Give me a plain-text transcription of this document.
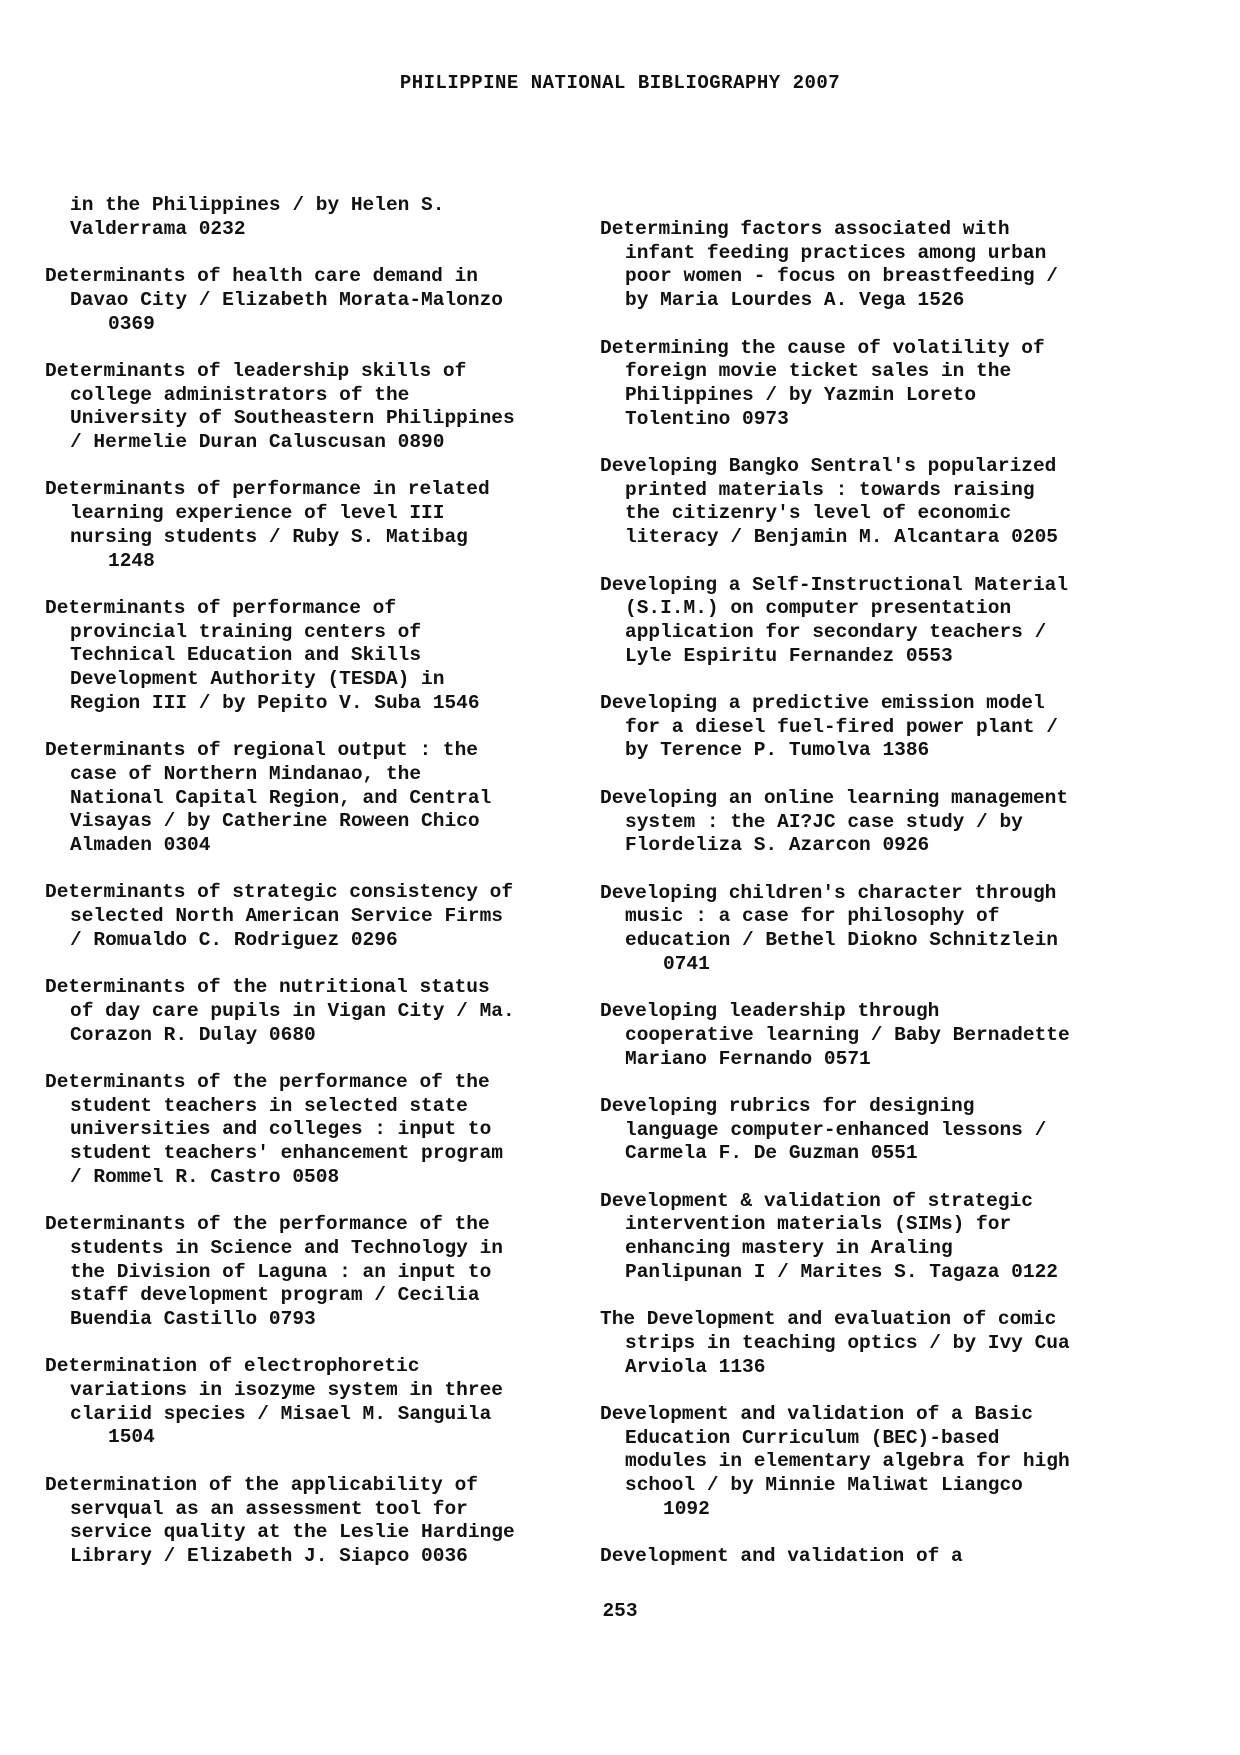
PHILIPPINE NATIONAL BIBLIOGRAPHY 2007
in the Philippines / by Helen S.
Valderrama 0232
Determinants of health care demand in
Davao City / Elizabeth Morata-Malonzo
0369
Determinants of leadership skills of
college administrators of the
University of Southeastern Philippines
/ Hermelie Duran Caluscusan 0890
Determinants of performance in related
learning experience of level III
nursing students / Ruby S. Matibag
1248
Determinants of performance of
provincial training centers of
Technical Education and Skills
Development Authority (TESDA) in
Region III / by Pepito V. Suba 1546
Determinants of regional output : the
case of Northern Mindanao, the
National Capital Region, and Central
Visayas / by Catherine Roween Chico
Almaden 0304
Determinants of strategic consistency of
selected North American Service Firms
/ Romualdo C. Rodriguez 0296
Determinants of the nutritional status
of day care pupils in Vigan City / Ma.
Corazon R. Dulay 0680
Determinants of the performance of the
student teachers in selected state
universities and colleges : input to
student teachers' enhancement program
/ Rommel R. Castro 0508
Determinants of the performance of the
students in Science and Technology in
the Division of Laguna : an input to
staff development program / Cecilia
Buendia Castillo 0793
Determination of electrophoretic
variations in isozyme system in three
clariid species / Misael M. Sanguila
1504
Determination of the applicability of
servqual as an assessment tool for
service quality at the Leslie Hardinge
Library / Elizabeth J. Siapco 0036
Determining factors associated with
infant feeding practices among urban
poor women - focus on breastfeeding /
by Maria Lourdes A. Vega 1526
Determining the cause of volatility of
foreign movie ticket sales in the
Philippines / by Yazmin Loreto
Tolentino 0973
Developing Bangko Sentral's popularized
printed materials : towards raising
the citizenry's level of economic
literacy / Benjamin M. Alcantara 0205
Developing a Self-Instructional Material
(S.I.M.) on computer presentation
application for secondary teachers /
Lyle Espiritu Fernandez 0553
Developing a predictive emission model
for a diesel fuel-fired power plant /
by Terence P. Tumolva 1386
Developing an online learning management
system : the AI?JC case study / by
Flordeliza S. Azarcon 0926
Developing children's character through
music : a case for philosophy of
education / Bethel Diokno Schnitzlein
0741
Developing leadership through
cooperative learning / Baby Bernadette
Mariano Fernando 0571
Developing rubrics for designing
language computer-enhanced lessons /
Carmela F. De Guzman 0551
Development & validation of strategic
intervention materials (SIMs) for
enhancing mastery in Araling
Panlipunan I / Marites S. Tagaza 0122
The Development and evaluation of comic
strips in teaching optics / by Ivy Cua
Arviola 1136
Development and validation of a Basic
Education Curriculum (BEC)-based
modules in elementary algebra for high
school / by Minnie Maliwat Liangco
1092
Development and validation of a
253
